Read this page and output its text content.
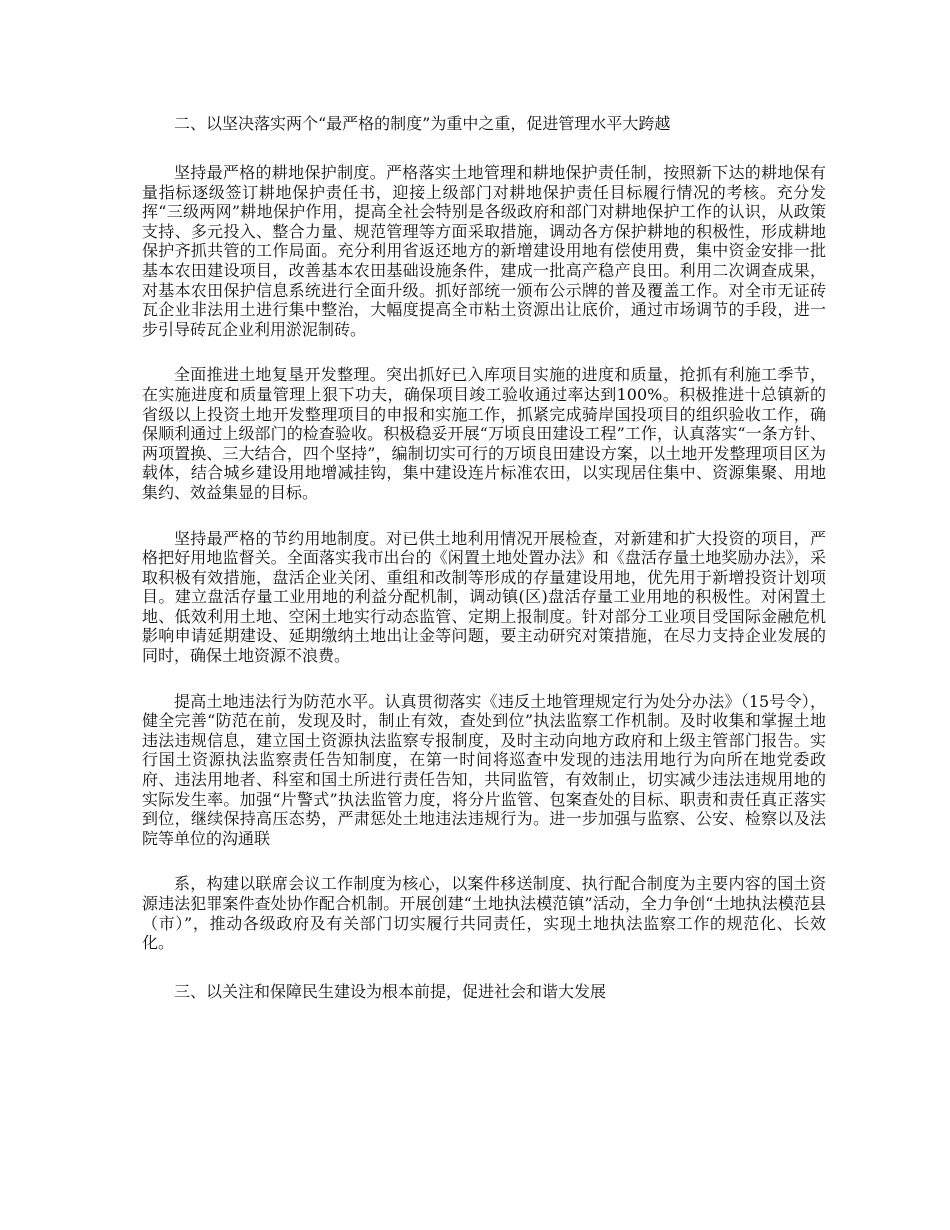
二、以坚决落实两个“最严格的制度”为重中之重，促进管理水平大跨越

坚持最严格的耕地保护制度。严格落实土地管理和耕地保护责任制，按照新下达的耕地保有量指标逐级签订耕地保护责任书，迎接上级部门对耕地保护责任目标履行情况的考核。充分发挥“三级两网”耕地保护作用，提高全社会特别是各级政府和部门对耕地保护工作的认识，从政策支持、多元投入、整合力量、规范管理等方面采取措施，调动各方保护耕地的积极性，形成耕地保护齐抓共管的工作局面。充分利用省返还地方的新增建设用地有偿使用费，集中资金安排一批基本农田建设项目，改善基本农田基础设施条件，建成一批高产稳产良田。利用二次调查成果，对基本农田保护信息系统进行全面升级。抓好部统一颁布公示牌的普及覆盖工作。对全市无证砖瓦企业非法用土进行集中整治，大幅度提高全市粘土资源出让底价，通过市场调节的手段，进一步引导砖瓦企业利用淤泥制砖。

全面推进土地复垦开发整理。突出抓好已入库项目实施的进度和质量，抢抓有利施工季节，在实施进度和质量管理上狠下功夫，确保项目竣工验收通过率达到100%。积极推进十总镇新的省级以上投资土地开发整理项目的申报和实施工作，抓紧完成骑岸国投项目的组织验收工作，确保顺利通过上级部门的检查验收。积极稳妥开展“万顷良田建设工程”工作，认真落实“一条方针、两项置换、三大结合，四个坚持”，编制切实可行的万顷良田建设方案，以土地开发整理项目区为载体，结合城乡建设用地增减挂钩，集中建设连片标准农田，以实现居住集中、资源集聚、用地集约、效益集显的目标。

坚持最严格的节约用地制度。对已供土地利用情况开展检查，对新建和扩大投资的项目，严格把好用地监督关。全面落实我市出台的《闲置土地处置办法》和《盘活存量土地奖励办法》，采取积极有效措施，盘活企业关闭、重组和改制等形成的存量建设用地，优先用于新增投资计划项目。建立盘活存量工业用地的利益分配机制，调动镇(区)盘活存量工业用地的积极性。对闲置土地、低效利用土地、空闲土地实行动态监管、定期上报制度。针对部分工业项目受国际金融危机影响申请延期建设、延期缴纳土地出让金等问题，要主动研究对策措施，在尽力支持企业发展的同时，确保土地资源不浪费。

提高土地违法行为防范水平。认真贯彻落实《违反土地管理规定行为处分办法》（15号令），健全完善“防范在前，发现及时，制止有效，查处到位”执法监察工作机制。及时收集和掌握土地违法违规信息，建立国土资源执法监察专报制度，及时主动向地方政府和上级主管部门报告。实行国土资源执法监察责任告知制度，在第一时间将巡查中发现的违法用地行为向所在地党委政府、违法用地者、科室和国土所进行责任告知，共同监管，有效制止，切实减少违法违规用地的实际发生率。加强“片警式”执法监管力度，将分片监管、包案查处的目标、职责和责任真正落实到位，继续保持高压态势，严肃惩处土地违法违规行为。进一步加强与监察、公安、检察以及法院等单位的沟通联

系，构建以联席会议工作制度为核心，以案件移送制度、执行配合制度为主要内容的国土资源违法犯罪案件查处协作配合机制。开展创建“土地执法模范镇”活动，全力争创“土地执法模范县（市）”，推动各级政府及有关部门切实履行共同责任，实现土地执法监察工作的规范化、长效化。

三、以关注和保障民生建设为根本前提，促进社会和谐大发展
